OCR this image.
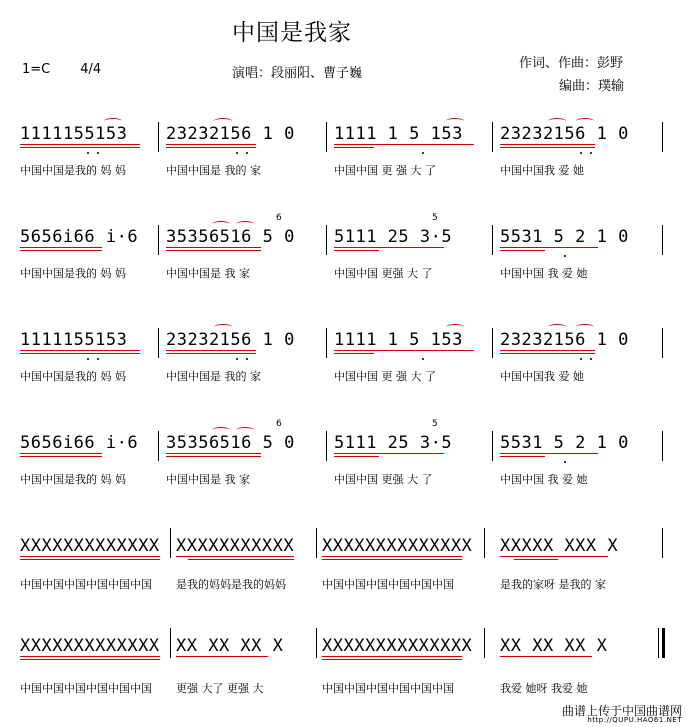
中国是我家
1=C 4/4	演唱：段丽阳、曹子巍
作词、作曲：彭野
编曲：璞输
1111155153 23232156 1 0 1111 1 5 153 23232156 1 0
中国中国是我的 妈 妈	中国中国是 我的 家	中国中国 更 强 大 了	中国中国我 爱 她
5656i66 i·6 35356516 5 0 5111 25 3·5	5531 5 2 1 0
6	5
中国中国是我的 妈 妈	中国中国是 我 家	中国中国 更强 大 了	中国中国 我 爱 她
1111155153 23232156 1 0 1111 1 5 153 23232156 1 0
中国中国是我的 妈 妈	中国中国是 我的 家	中国中国 更 强 大 了	中国中国我 爱 她
5656i66 i·6 35356516 5 0 5111 25 3·5	5531 5 2 1 0
6	5
中国中国是我的 妈 妈	中国中国是 我 家	中国中国 更强 大 了	中国中国 我 爱 她
XXXXXXXXXXXXX XXXXXXXXXXX XXXXXXXXXXXXXX XXXXX XXX X
中国中国中国中国中国中国 是我的妈妈是我的妈妈	中国中国中国中国中国中国	是我的家呀 是我的 家
XXXXXXXXXXXXX XX XX XX X XXXXXXXXXXXXXX XX XX XX X
中国中国中国中国中国中国 更强 大了 更强 大	中国中国中国中国中国中国	我爱 她呀 我爱 她
曲谱上传于中国曲谱网
http://QUPU.HAO61.NET
